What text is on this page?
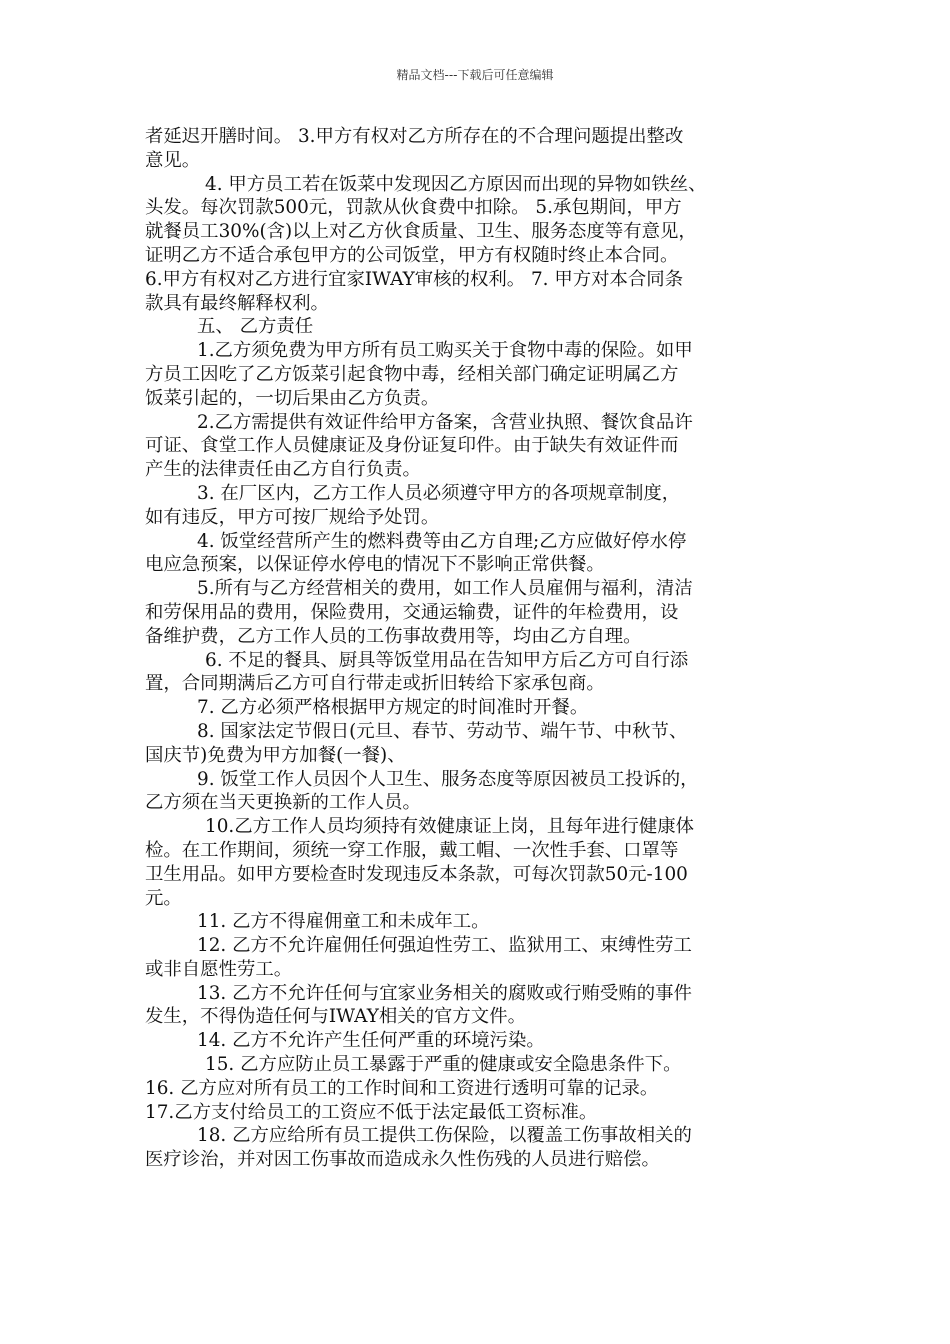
精品文档---下载后可任意编辑
者延迟开膳时间。 3.甲方有权对乙方所存在的不合理问题提出整改
意见。
4. 甲方员工若在饭菜中发现因乙方原因而出现的异物如铁丝、
头发。每次罚款500元，罚款从伙食费中扣除。 5.承包期间，甲方
就餐员工30%(含)以上对乙方伙食质量、卫生、服务态度等有意见，
证明乙方不适合承包甲方的公司饭堂，甲方有权随时终止本合同。
6.甲方有权对乙方进行宜家IWAY审核的权利。 7. 甲方对本合同条
款具有最终解释权利。
五、 乙方责任
1.乙方须免费为甲方所有员工购买关于食物中毒的保险。如甲
方员工因吃了乙方饭菜引起食物中毒，经相关部门确定证明属乙方
饭菜引起的，一切后果由乙方负责。
2.乙方需提供有效证件给甲方备案，含营业执照、餐饮食品许
可证、食堂工作人员健康证及身份证复印件。由于缺失有效证件而
产生的法律责任由乙方自行负责。
3. 在厂区内，乙方工作人员必须遵守甲方的各项规章制度，
如有违反，甲方可按厂规给予处罚。
4. 饭堂经营所产生的燃料费等由乙方自理;乙方应做好停水停
电应急预案，以保证停水停电的情况下不影响正常供餐。
5.所有与乙方经营相关的费用，如工作人员雇佣与福利，清洁
和劳保用品的费用，保险费用，交通运输费，证件的年检费用，设
备维护费，乙方工作人员的工伤事故费用等，均由乙方自理。
6. 不足的餐具、厨具等饭堂用品在告知甲方后乙方可自行添
置，合同期满后乙方可自行带走或折旧转给下家承包商。
7. 乙方必须严格根据甲方规定的时间准时开餐。
8. 国家法定节假日(元旦、春节、劳动节、端午节、中秋节、
国庆节)免费为甲方加餐(一餐)、
9. 饭堂工作人员因个人卫生、服务态度等原因被员工投诉的，
乙方须在当天更换新的工作人员。
10.乙方工作人员均须持有效健康证上岗，且每年进行健康体
检。在工作期间，须统一穿工作服，戴工帽、一次性手套、口罩等
卫生用品。如甲方要检查时发现违反本条款，可每次罚款50元-100
元。
11. 乙方不得雇佣童工和未成年工。
12. 乙方不允许雇佣任何强迫性劳工、监狱用工、束缚性劳工
或非自愿性劳工。
13. 乙方不允许任何与宜家业务相关的腐败或行贿受贿的事件
发生，不得伪造任何与IWAY相关的官方文件。
14. 乙方不允许产生任何严重的环境污染。
15. 乙方应防止员工暴露于严重的健康或安全隐患条件下。
16. 乙方应对所有员工的工作时间和工资进行透明可靠的记录。
17.乙方支付给员工的工资应不低于法定最低工资标准。
18. 乙方应给所有员工提供工伤保险，以覆盖工伤事故相关的
医疗诊治，并对因工伤事故而造成永久性伤残的人员进行赔偿。
